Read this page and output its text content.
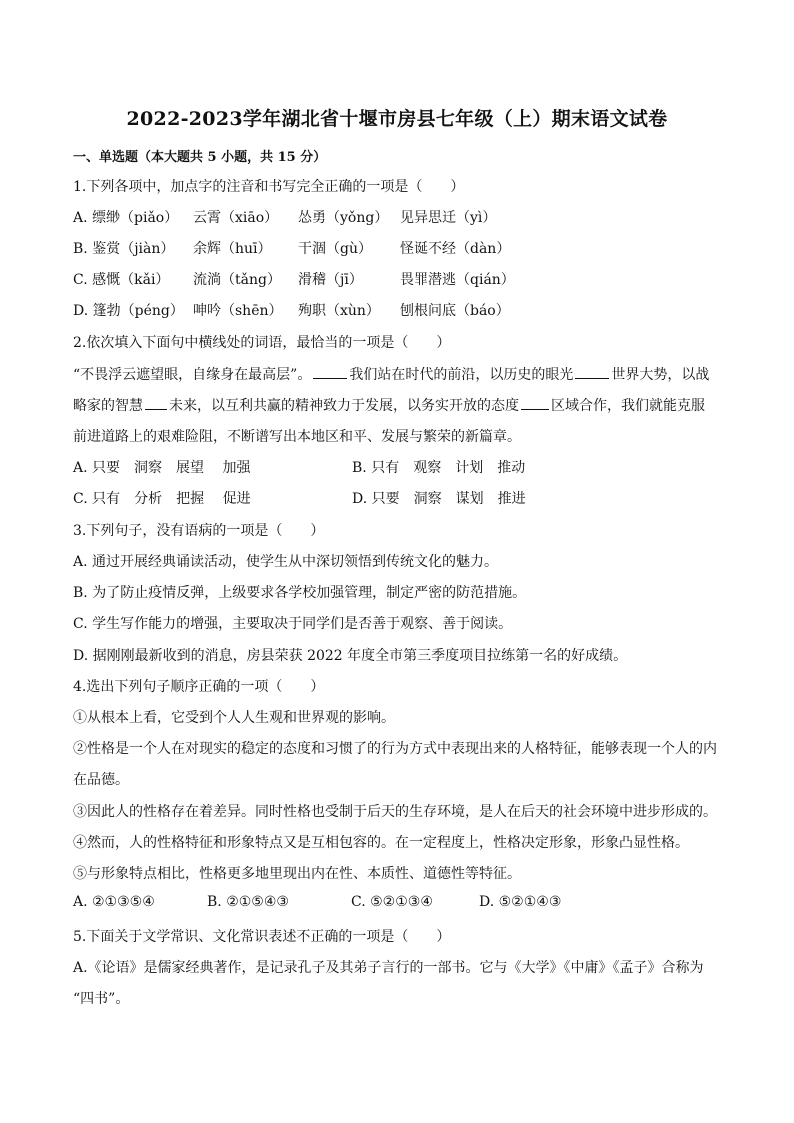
2022-2023学年湖北省十堰市房县七年级（上）期末语文试卷
一、单选题（本大题共 5 小题，共 15 分）
1.下列各项中，加点字的注音和书写完全正确的一项是（　　）
A. 缥缈（piǎo） 云霄（xiāo） 怂勇（yǒng） 见异思迁（yì）
B. 鉴赏（jiàn） 余辉（huī） 干涸（gù） 怪诞不经（dàn）
C. 感慨（kǎi） 流淌（tǎng） 滑稽（jī）	畏罪潜逃（qián）
D. 篷勃（péng） 呻吟（shēn） 殉职（xùn） 刨根问底（báo）
2.依次填入下面句中横线处的词语，最恰当的一项是（　　）
“不畏浮云遮望眼，自缘身在最高层”。	我们站在时代的前沿，以历史的眼光	世界大势，以战
略家的智慧 未来，以互利共赢的精神致力于发展，以务实开放的态度 区域合作，我们就能克服
前进道路上的艰难险阻，不断谱写出本地区和平、发展与繁荣的新篇章。
A. 只要　洞察　展望　 加强	B. 只有　观察　计划　推动
C. 只有　分析　把握　 促进	D. 只要　洞察　谋划　推进
3.下列句子，没有语病的一项是（　　）
A. 通过开展经典诵读活动，使学生从中深切领悟到传统文化的魅力。
B. 为了防止疫情反弹，上级要求各学校加强管理，制定严密的防范措施。
C. 学生写作能力的增强，主要取决于同学们是否善于观察、善于阅读。
D. 据刚刚最新收到的消息，房县荣获 2022 年度全市第三季度项目拉练第一名的好成绩。
4.选出下列句子顺序正确的一项（　　）
①从根本上看，它受到个人人生观和世界观的影响。
②性格是一个人在对现实的稳定的态度和习惯了的行为方式中表现出来的人格特征，能够表现一个人的内
在品德。
③因此人的性格存在着差异。同时性格也受制于后天的生存环境，是人在后天的社会环境中进步形成的。
④然而，人的性格特征和形象特点又是互相包容的。在一定程度上，性格决定形象，形象凸显性格。
⑤与形象特点相比，性格更多地里现出内在性、本质性、道德性等特征。
A. ②①③⑤④	B. ②①⑤④③	C. ⑤②①③④	D. ⑤②①④③
5.下面关于文学常识、文化常识表述不正确的一项是（　　）
A.《论语》是儒家经典著作，是记录孔子及其弟子言行的一部书。它与《大学》《中庸》《孟子》合称为
“四书”。
